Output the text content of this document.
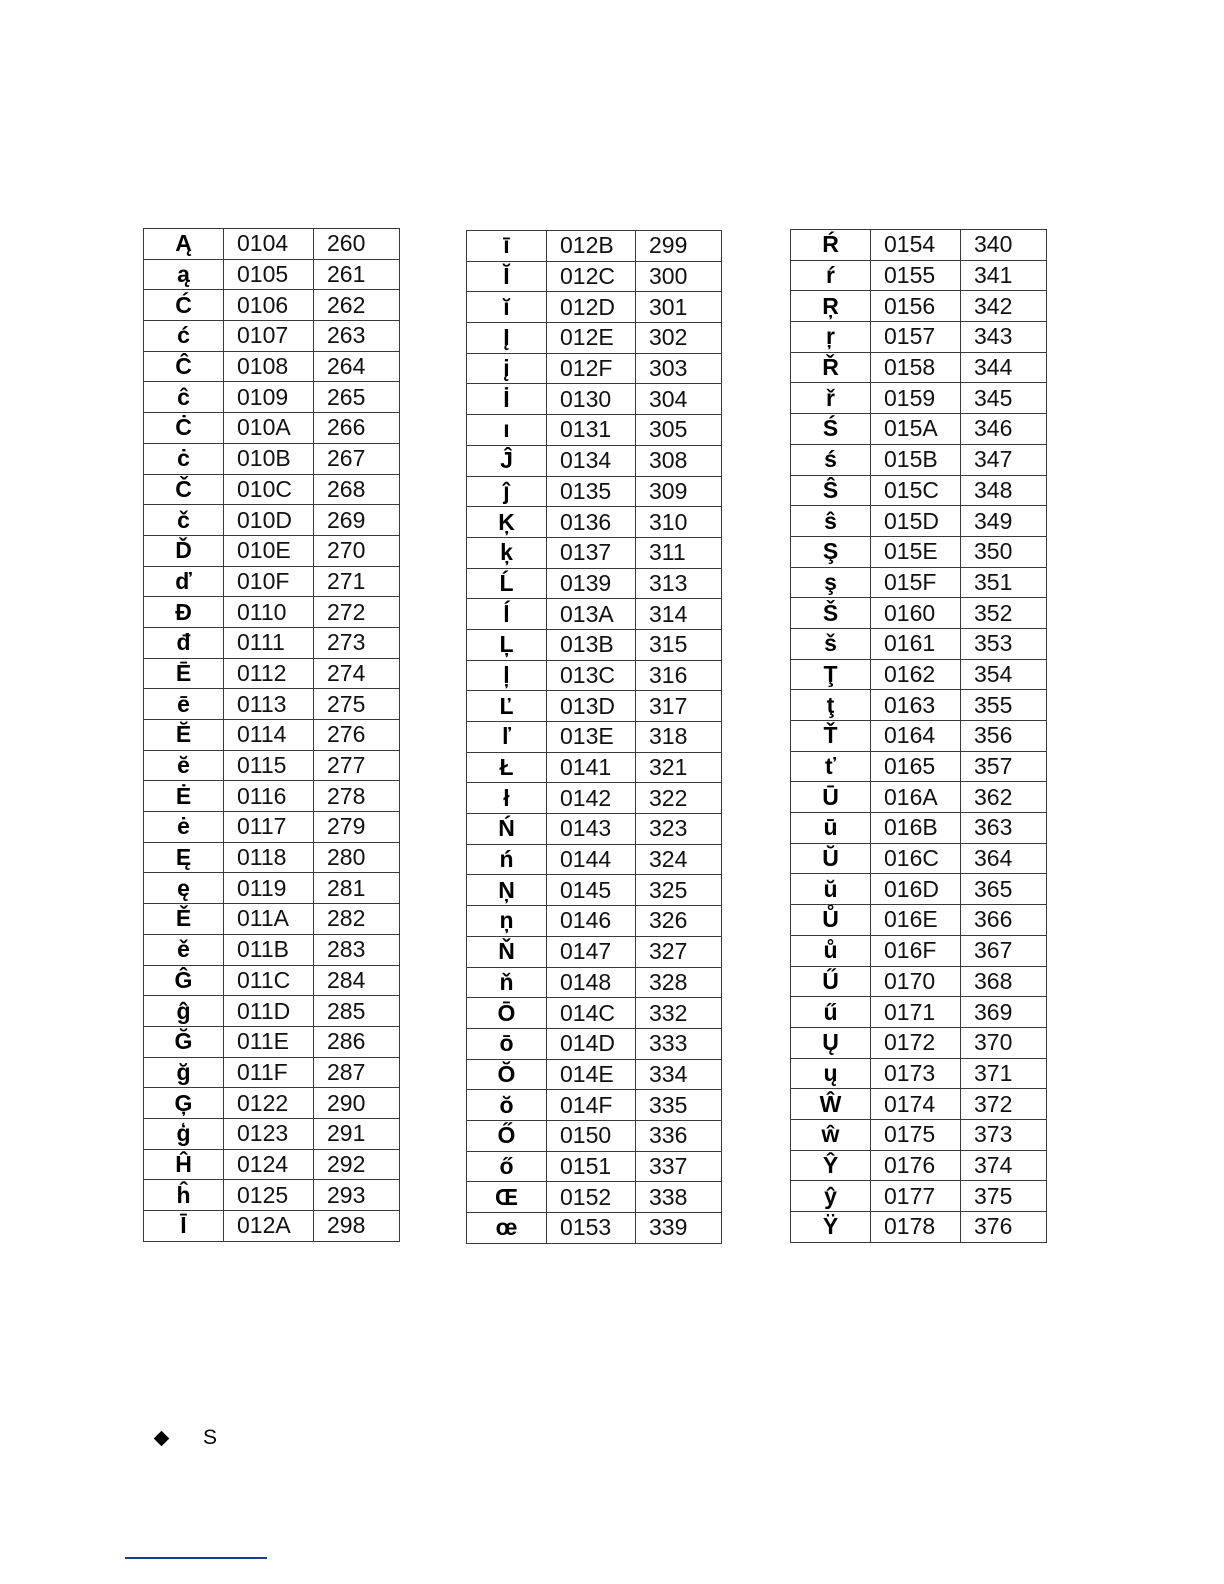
Ą	0104	260
ą	0105	261
Ć	0106	262
ć	0107	263
Ĉ	0108	264
ĉ	0109	265
Ċ	010A	266
ċ	010B	267
Č	010C	268
č	010D	269
Ď	010E	270
ď	010F	271
Đ	0110	272
đ	0111	273
Ē	0112	274
ē	0113	275
Ĕ	0114	276
ĕ	0115	277
Ė	0116	278
ė	0117	279
Ę	0118	280
ę	0119	281
Ě	011A	282
ě	011B	283
Ĝ	011C	284
ĝ	011D	285
Ğ	011E	286
ğ	011F	287
Ģ	0122	290
ģ	0123	291
Ĥ	0124	292
ĥ	0125	293
Ī	012A	298
ī	012B	299
Ĭ	012C	300
ĭ	012D	301
Į	012E	302
į	012F	303
İ	0130	304
ı	0131	305
Ĵ	0134	308
ĵ	0135	309
Ķ	0136	310
ķ	0137	311
Ĺ	0139	313
ĺ	013A	314
Ļ	013B	315
ļ	013C	316
Ľ	013D	317
ľ	013E	318
Ł	0141	321
ł	0142	322
Ń	0143	323
ń	0144	324
Ņ	0145	325
ņ	0146	326
Ň	0147	327
ň	0148	328
Ō	014C	332
ō	014D	333
Ŏ	014E	334
ŏ	014F	335
Ő	0150	336
ő	0151	337
Œ	0152	338
œ	0153	339
Ŕ	0154	340
ŕ	0155	341
Ŗ	0156	342
ŗ	0157	343
Ř	0158	344
ř	0159	345
Ś	015A	346
ś	015B	347
Ŝ	015C	348
ŝ	015D	349
Ş	015E	350
ş	015F	351
Š	0160	352
š	0161	353
Ţ	0162	354
ţ	0163	355
Ť	0164	356
ť	0165	357
Ū	016A	362
ū	016B	363
Ŭ	016C	364
ŭ	016D	365
Ů	016E	366
ů	016F	367
Ű	0170	368
ű	0171	369
Ų	0172	370
ų	0173	371
Ŵ	0174	372
ŵ	0175	373
Ŷ	0176	374
ŷ	0177	375
Ÿ	0178	376
S
